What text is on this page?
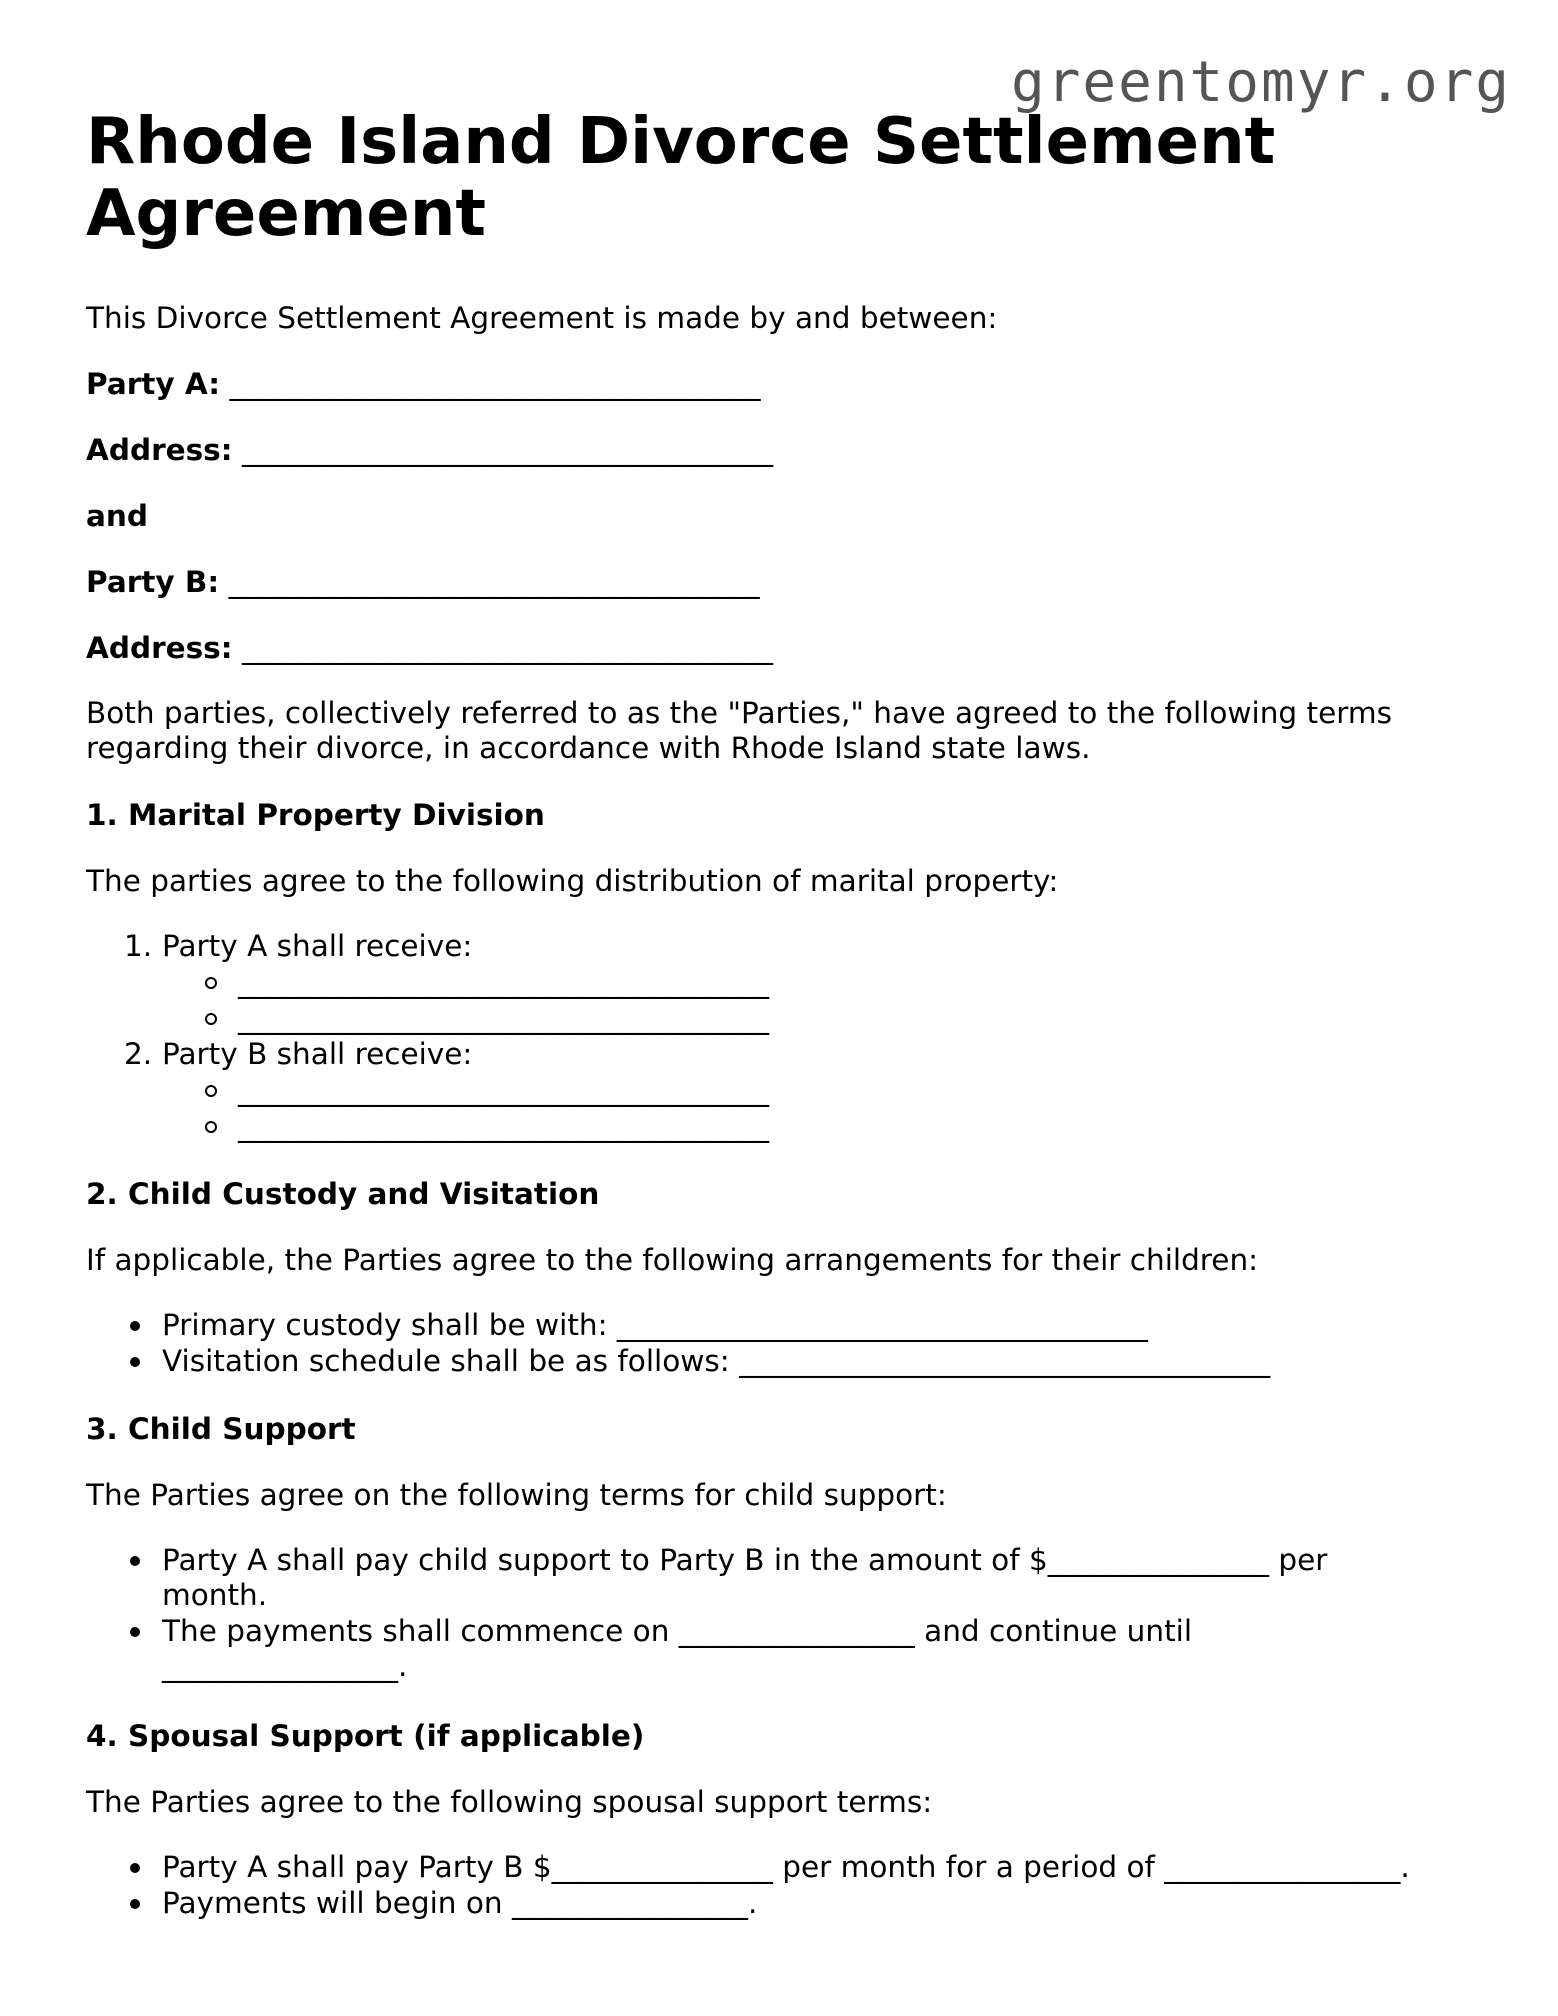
greentomyr.org
Rhode Island Divorce Settlement Agreement
This Divorce Settlement Agreement is made by and between:
Party A: ____________________________________
Address: ____________________________________
and
Party B: ____________________________________
Address: ____________________________________
Both parties, collectively referred to as the "Parties," have agreed to the following terms regarding their divorce, in accordance with Rhode Island state laws.
1. Marital Property Division
The parties agree to the following distribution of marital property:
1. Party A shall receive:
____________________________________
____________________________________
2. Party B shall receive:
____________________________________
____________________________________
2. Child Custody and Visitation
If applicable, the Parties agree to the following arrangements for their children:
Primary custody shall be with: ____________________________________
Visitation schedule shall be as follows: ____________________________________
3. Child Support
The Parties agree on the following terms for child support:
Party A shall pay child support to Party B in the amount of $_______________ per
month.
The payments shall commence on ________________ and continue until
________________.
4. Spousal Support (if applicable)
The Parties agree to the following spousal support terms:
Party A shall pay Party B $_______________ per month for a period of ________________.
Payments will begin on ________________.
